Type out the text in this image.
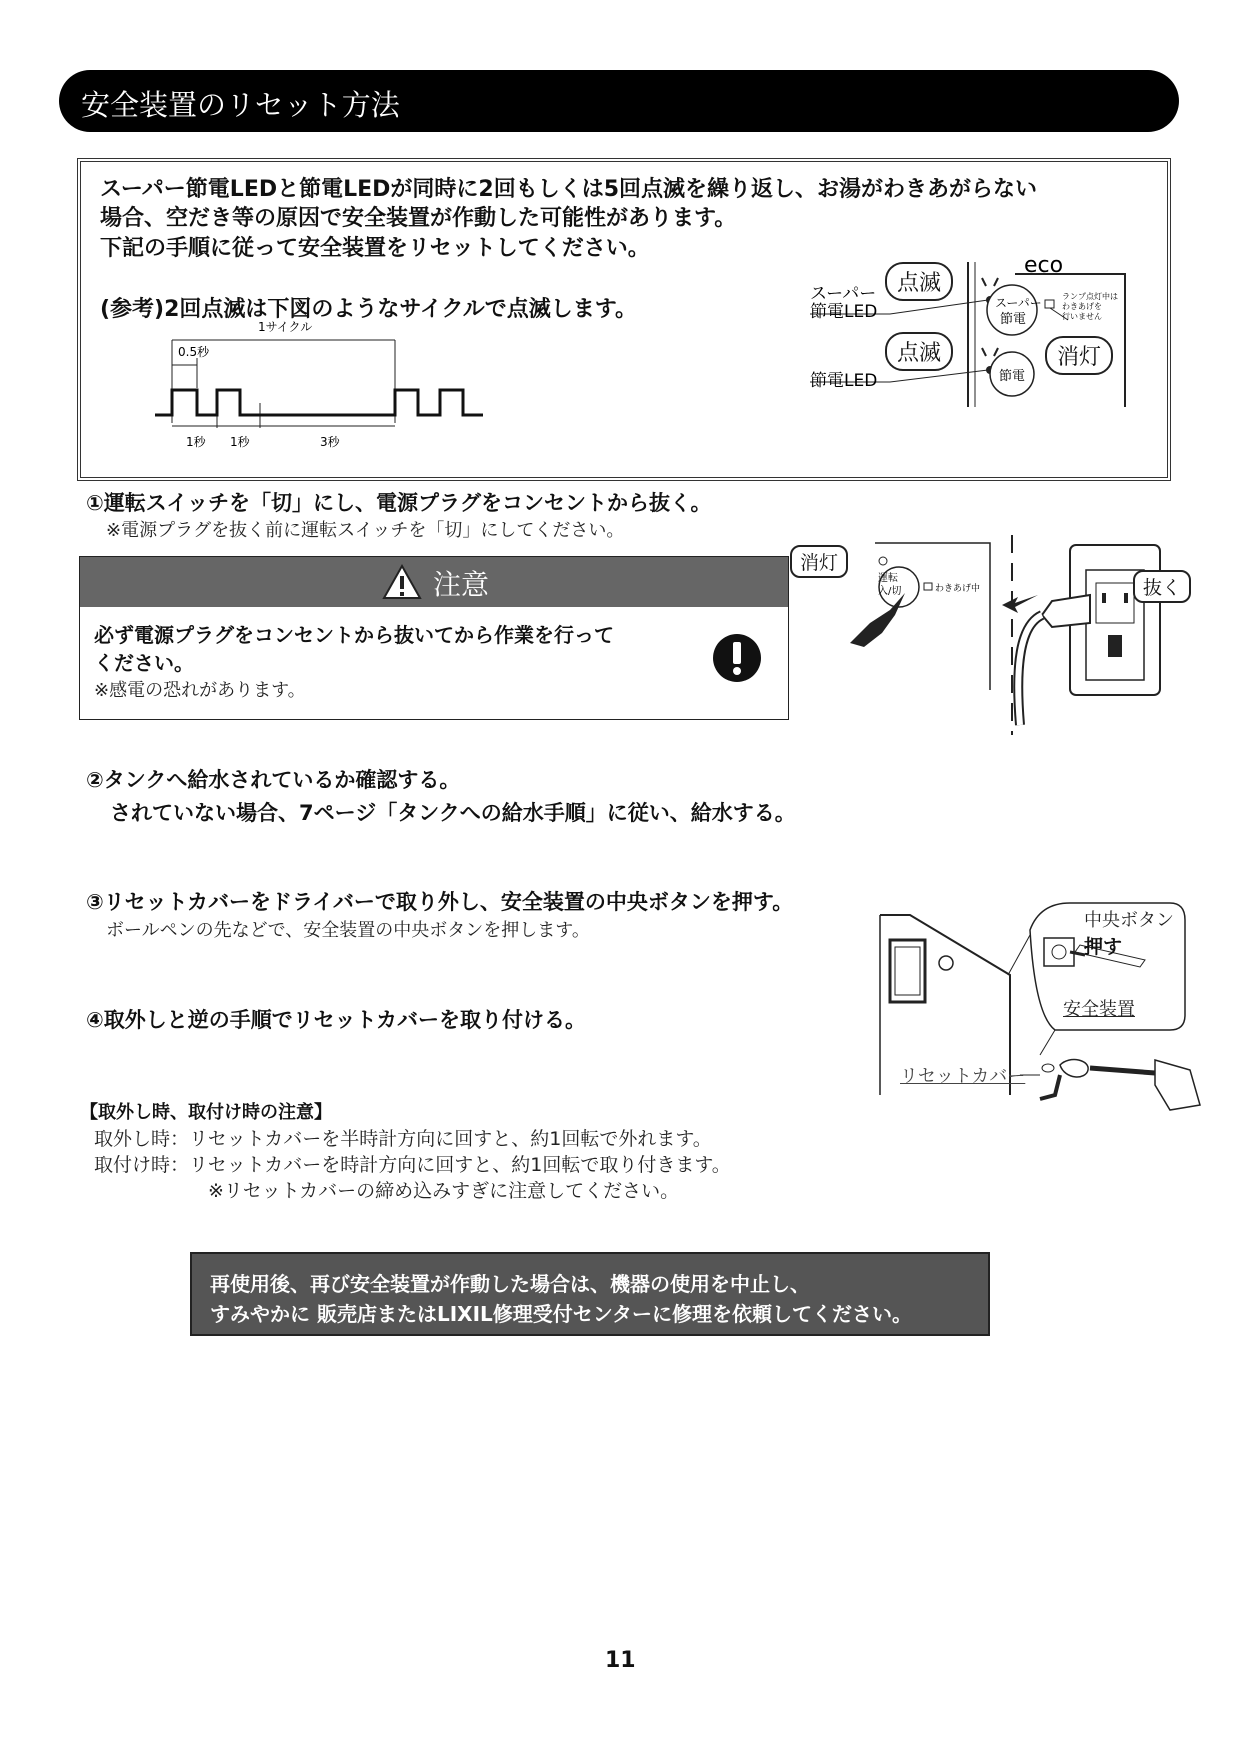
安全装置のリセット方法
スーパー節電LEDと節電LEDが同時に2回もしくは5回点滅を繰り返し、お湯がわきあがらない
場合、空だき等の原因で安全装置が作動した可能性があります。
下記の手順に従って安全装置をリセットしてください。
(参考)2回点滅は下図のようなサイクルで点滅します。
1サイクル
0.5秒
1秒 1秒	3秒
eco
スーパー
節電LED
節電LED
スーパー
節電
節電
ランプ点灯中は
わきあげを
行いません
点滅
点滅	消灯
①運転スイッチを「切」にし、電源プラグをコンセントから抜く。
※電源プラグを抜く前に運転スイッチを「切」にしてください。
注意
必ず電源プラグをコンセントから抜いてから作業を行って
ください。
※感電の恐れがあります。
運転
入/切	わきあげ中
消灯
抜く
②タンクへ給水されているか確認する。
されていない場合、7ページ「タンクへの給水手順」に従い、給水する。
③リセットカバーをドライバーで取り外し、安全装置の中央ボタンを押す。
ボールペンの先などで、安全装置の中央ボタンを押します。
④取外しと逆の手順でリセットカバーを取り付ける。
中央ボタン
押す
安全装置
リセットカバー
【取外し時、取付け時の注意】
取外し時：リセットカバーを半時計方向に回すと、約1回転で外れます。
取付け時：リセットカバーを時計方向に回すと、約1回転で取り付きます。
※リセットカバーの締め込みすぎに注意してください。
再使用後、再び安全装置が作動した場合は、機器の使用を中止し、
すみやかに 販売店またはLIXIL修理受付センターに修理を依頼してください。
11
